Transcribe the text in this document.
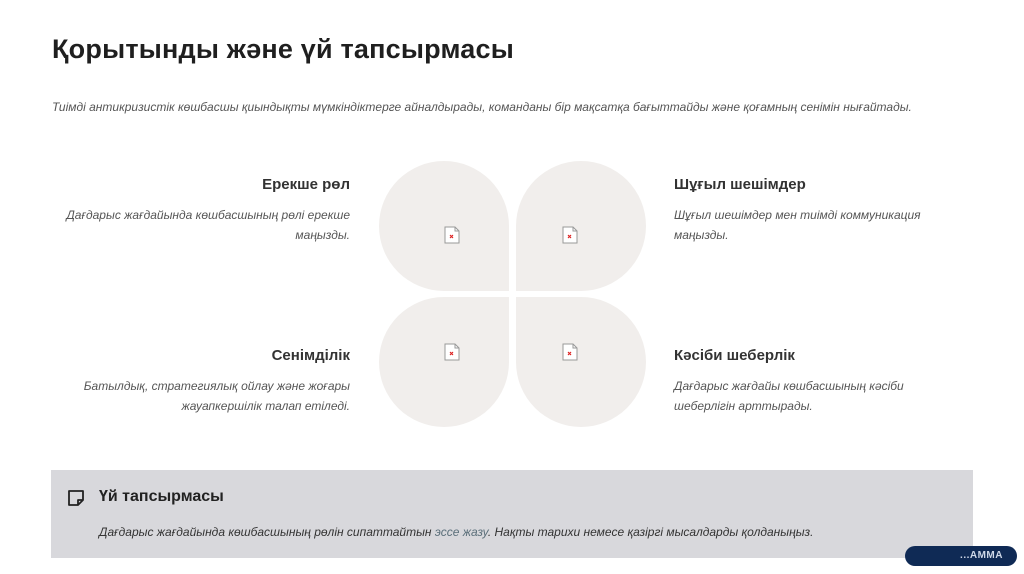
Қорытынды және үй тапсырмасы
Тиімді антикризистік көшбасшы қиындықты мүмкіндіктерге айналдырады, команданы бір мақсатқа бағыттайды және қоғамның сенімін нығайтады.
Ерекше рөл

Дағдарыс жағдайында көшбасшының рөлі ерекше маңызды.

Шұғыл шешімдер

Шұғыл шешімдер мен тиімді коммуникация маңызды.

Сенімділік

Батылдық, стратегиялық ойлау және жоғары жауапкершілік талап етіледі.

Кәсіби шеберлік

Дағдарыс жағдайы көшбасшының кәсіби шеберлігін арттырады.

Үй тапсырмасы
Дағдарыс жағдайында көшбасшының рөлін сипаттайтын эссе жазу. Нақты тарихи немесе қазіргі мысалдарды қолданыңыз.
...AMMA
